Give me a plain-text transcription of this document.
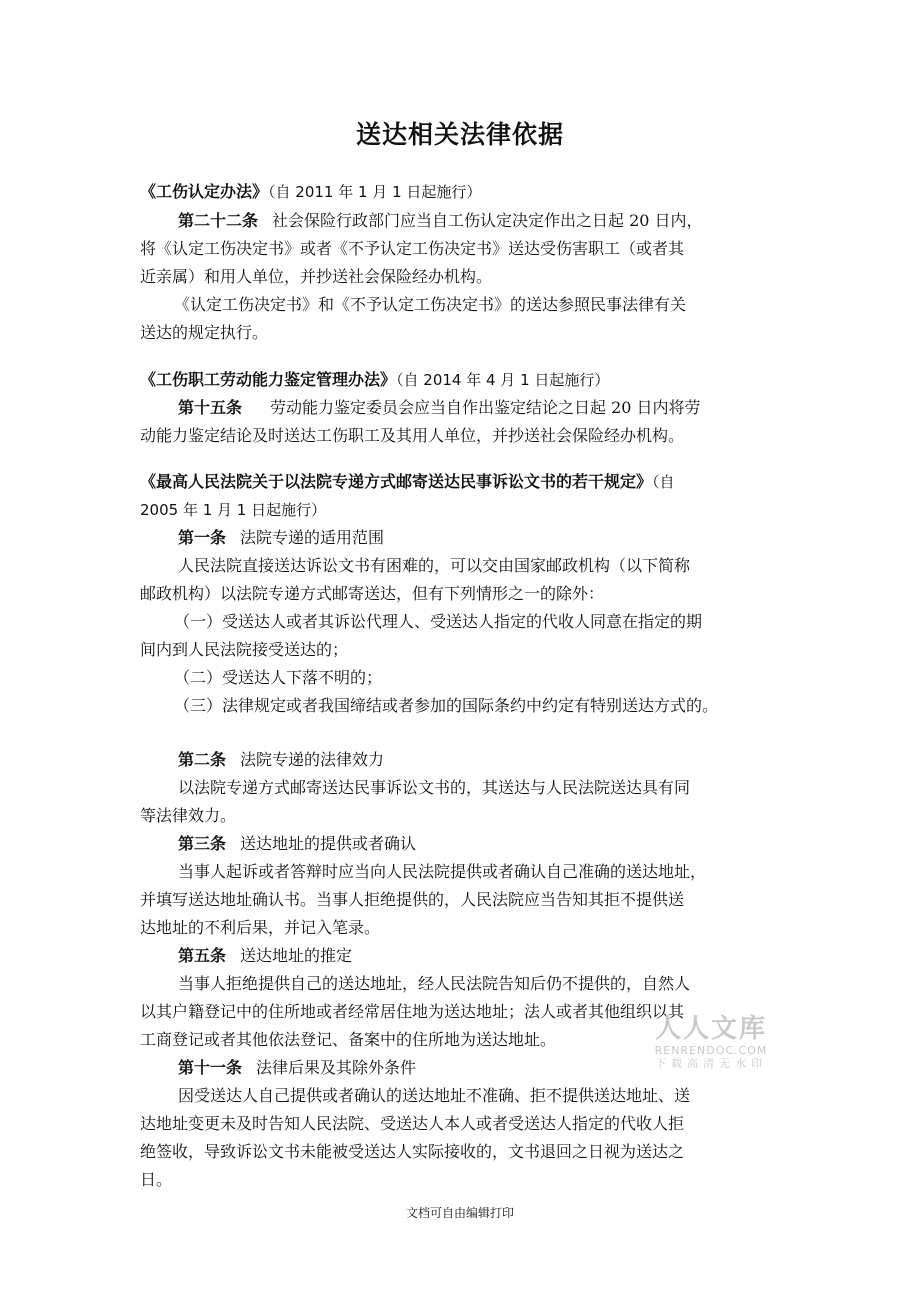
送达相关法律依据
《工伤认定办法》（自 2011 年 1 月 1 日起施行）
第二十二条 社会保险行政部门应当自工伤认定决定作出之日起 20 日内，
将《认定工伤决定书》或者《不予认定工伤决定书》送达受伤害职工（或者其
近亲属）和用人单位，并抄送社会保险经办机构。
《认定工伤决定书》和《不予认定工伤决定书》的送达参照民事法律有关
送达的规定执行。
《工伤职工劳动能力鉴定管理办法》（自 2014 年 4 月 1 日起施行）
第十五条 劳动能力鉴定委员会应当自作出鉴定结论之日起 20 日内将劳
动能力鉴定结论及时送达工伤职工及其用人单位，并抄送社会保险经办机构。
《最高人民法院关于以法院专递方式邮寄送达民事诉讼文书的若干规定》（自
2005 年 1 月 1 日起施行）
第一条 法院专递的适用范围
人民法院直接送达诉讼文书有困难的，可以交由国家邮政机构（以下简称
邮政机构）以法院专递方式邮寄送达，但有下列情形之一的除外：
（一）受送达人或者其诉讼代理人、受送达人指定的代收人同意在指定的期
间内到人民法院接受送达的；
（二）受送达人下落不明的；
（三）法律规定或者我国缔结或者参加的国际条约中约定有特别送达方式的。
第二条 法院专递的法律效力
以法院专递方式邮寄送达民事诉讼文书的，其送达与人民法院送达具有同
等法律效力。
第三条 送达地址的提供或者确认
当事人起诉或者答辩时应当向人民法院提供或者确认自己准确的送达地址，
并填写送达地址确认书。当事人拒绝提供的，人民法院应当告知其拒不提供送
达地址的不利后果，并记入笔录。
第五条 送达地址的推定
当事人拒绝提供自己的送达地址，经人民法院告知后仍不提供的，自然人
以其户籍登记中的住所地或者经常居住地为送达地址；法人或者其他组织以其
工商登记或者其他依法登记、备案中的住所地为送达地址。
第十一条 法律后果及其除外条件
因受送达人自己提供或者确认的送达地址不准确、拒不提供送达地址、送
达地址变更未及时告知人民法院、受送达人本人或者受送达人指定的代收人拒
绝签收，导致诉讼文书未能被受送达人实际接收的，文书退回之日视为送达之
日。
人人文库
RENRENDOC.COM
下载高清无水印
文档可自由编辑打印
